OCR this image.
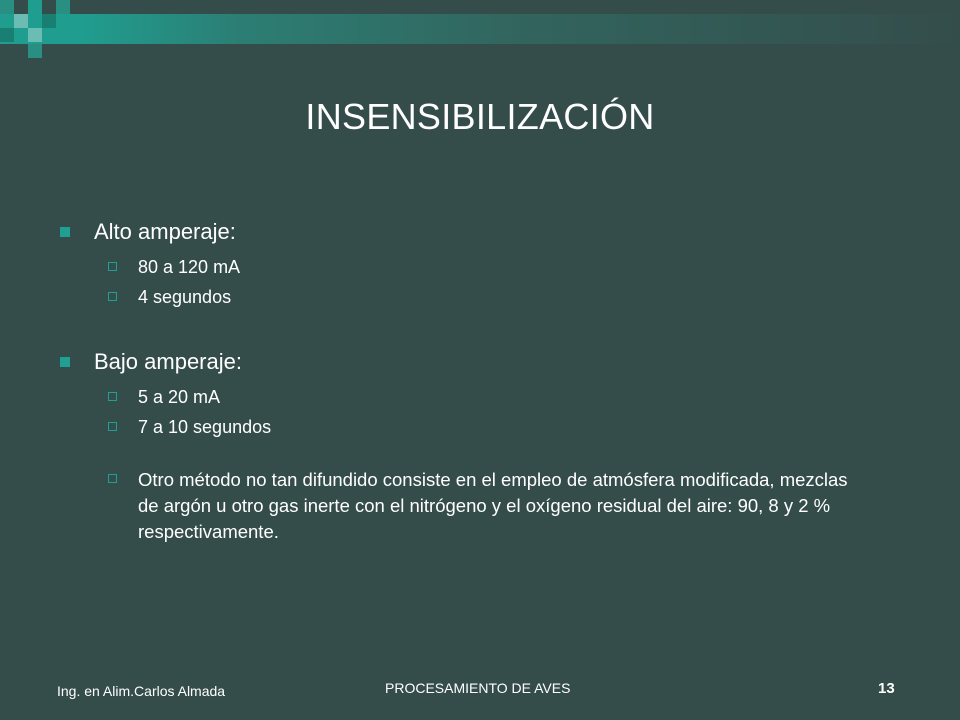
INSENSIBILIZACIÓN
Alto amperaje:
80 a 120 mA
4 segundos
Bajo amperaje:
5 a 20 mA
7 a 10 segundos
Otro método no tan difundido consiste en el empleo de atmósfera modificada, mezclas de argón u otro gas inerte con el nitrógeno y el oxígeno residual del aire: 90, 8 y 2 % respectivamente.
Ing. en Alim.Carlos Almada	PROCESAMIENTO DE AVES	13
